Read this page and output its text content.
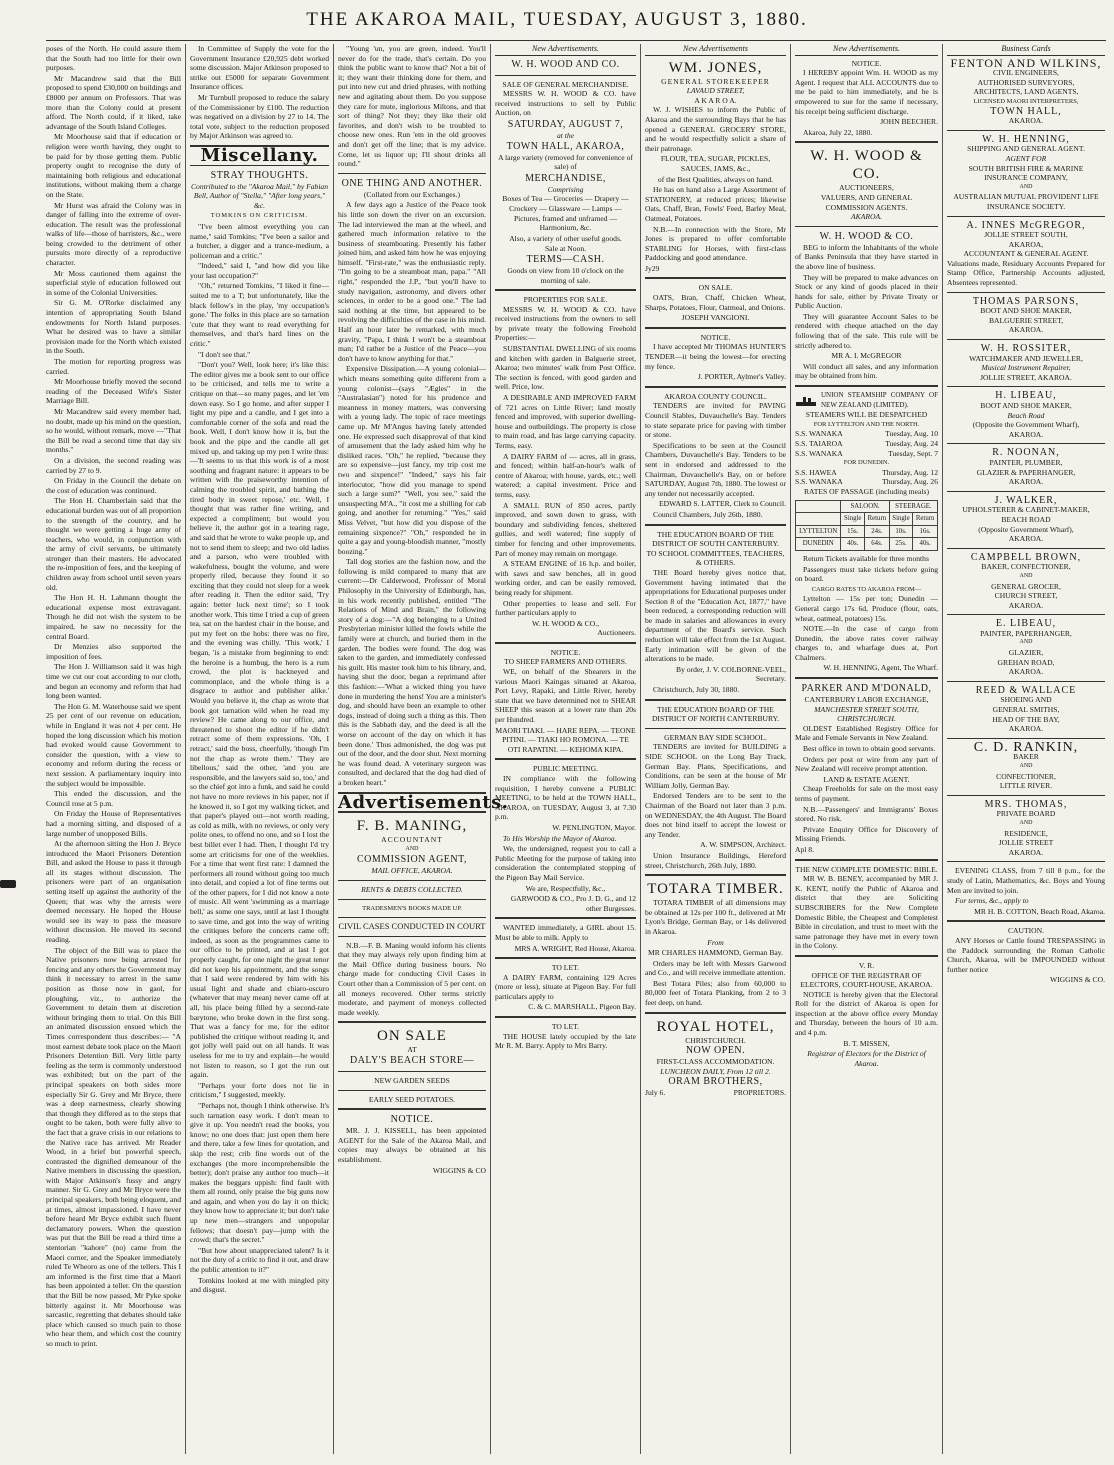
THE AKAROA MAIL, TUESDAY, AUGUST 3, 1880.

poses of the North. He could assure them that the South had too little for their own purposes.

Mr Macandrew said that the Bill proposed to spend £30,000 on buildings and £8000 per annum on Professors. That was more than the Colony could at present afford. The North could, if it liked, take advantage of the South Island Colleges.

Mr Moorhouse said that if education or religion were worth having, they ought to be paid for by those getting them. Public property ought to recognise the duty of maintaining both religious and educational institutions, without making them a charge on the State.

Mr Hurst was afraid the Colony was in danger of falling into the extreme of over-education. The result was the professional walks of life—those of barristers, &c., were being crowded to the detriment of other pursuits more directly of a reproductive character.

Mr Moss cautioned them against the superficial style of education followed out in some of the Colonial Universities.

Sir G. M. O'Rorke disclaimed any intention of appropriating South Island endowments for North Island purposes. What he desired was to have a similar provision made for the North which existed in the South.

The motion for reporting progress was carried.

Mr Moorhouse briefly moved the second reading of the Deceased Wife's Sister Marriage Bill.

Mr Macandrew said every member had, no doubt, made up his mind on the question, so he would, without remark, move —"That the Bill be read a second time that day six months."

On a division, the second reading was carried by 27 to 9.

On Friday in the Council the debate on the cost of education was continued.

The Hon H. Chamberlain said that the educational burden was out of all proportion to the strength of the country, and he thought we were getting a huge army of teachers, who would, in conjunction with the army of civil servants, be ultimately stronger than their masters. He advocated the re-imposition of fees, and the keeping of children away from school until seven years old.

The Hon H. H. Lahmann thought the educational expense most extravagant. Though he did not wish the system to be impaired, he saw no necessity for the central Board.

Dr Menzies also supported the imposition of fees.

The Hon J. Williamson said it was high time we cut our coat according to our cloth, and begun an economy and reform that had long been wanted.

The Hon G. M. Waterhouse said we spent 25 per cent of our revenue on education, while in England it was not 4 per cent. He hoped the long discussion which his motion had evoked would cause Government to consider the question, with a view to economy and reform during the recess or next session. A parliamentary inquiry into the subject would be impossible.

This ended the discussion, and the Council rose at 5 p.m.

On Friday the House of Representatives had a morning sitting, and disposed of a large number of unopposed Bills.

At the afternoon sitting the Hon J. Bryce introduced the Maori Prisoners Detention Bill, and asked the House to pass it through all its stages without discussion. The prisoners were part of an organisation setting itself up against the authority of the Queen; that was why the arrests were deemed necessary. He hoped the House would see its way to pass the measure without discussion. He moved its second reading.

The object of the Bill was to place the Native prisoners now being arrested for fencing and any others the Government may think it necessary to arrest in the same position as those now in gaol, for ploughing, viz., to authorize the Government to detain them at discretion without bringing them to trial. On this Bill an animated discussion ensued which the Times correspondent thus describes:— "A most earnest debate took place on the Maori Prisoners Detention Bill. Very little party feeling as the term is commonly understood was exhibited; but on the part of the principal speakers on both sides more especially Sir G. Grey and Mr Bryce, there was a deep earnestness, clearly showing that though they differed as to the steps that ought to be taken, both were fully alive to the fact that a grave crisis in our relations to the Native race has arrived. Mr Reader Wood, in a brief but powerful speech, contrasted the dignified demeanour of the Native members in discussing the question, with Major Atkinson's fussy and angry manner. Sir G. Grey and Mr Bryce were the principal speakers, both being eloquent, and at times, almost impassioned. I have never before heard Mr Bryce exhibit such fluent declamatory powers. When the question was put that the Bill be read a third time a stentorian "kahore" (no) came from the Maori corner, and the Speaker immediately ruled Te Wheoro as one of the tellers. This I am informed is the first time that a Maori has been appointed a teller. On the question that the Bill be now passed, Mr Pyke spoke bitterly against it. Mr Moorhouse was sarcastic, regretting that debates should take place which caused so much pain to those who hear them, and which cost the country so much to print.

In Committee of Supply the vote for the Government Insurance £20,925 debt worked some discussion. Major Atkinson proposed to strike out £5000 for separate Government Insurance offices.

Mr Turnbull proposed to reduce the salary of the Commissioner by £100. The reduction was negatived on a division by 27 to 14. The total vote, subject to the reduction proposed by Major Atkinson was agreed to.

Miscellany.
STRAY THOUGHTS.

Contributed to the "Akaroa Mail," by Fabian Bell, Author of "Stella," "After long years," &c.

TOMKINS ON CRITICISM.

"I've been almost everything you can name," said Tomkins; "I've been a sailor and a butcher, a digger and a trance-medium, a policeman and a critic."

"Indeed," said I, "and how did you like your last occupation?"

"Oh," returned Tomkins, "I liked it fine—suited me to a T; but unfortunately, like the black fellow's in the play, 'my occupation's gone.' The folks in this place are so tarnation 'cute that they want to read everything for themselves, and that's hard lines on the critic."

"I don't see that."

"Don't you? Well, look here; it's like this: The editor gives me a book sent to our office to be criticised, and tells me to write a critique on that—so many pages, and let 'em down easy. So I go home, and after supper I light my pipe and a candle, and I get into a comfortable corner of the sofa and read the book. Well, I don't know how it is, but the book and the pipe and the candle all get mixed up, and taking up my pen I write thus:—'It seems to us that this work is of a most soothing and fragrant nature: it appears to be written with the praiseworthy intention of calming the troubled spirit, and bathing the tired body in sweet repose,' etc. Well, I thought that was rather fine writing, and expected a compliment; but would you believe it, the author got in a tearing rage, and said that he wrote to wake people up, and not to send them to sleep; and two old ladies and a parson, who were troubled with wakefulness, bought the volume, and were properly riled, because they found it so exciting that they could not sleep for a week after reading it. Then the editor said, 'Try again: better luck next time'; so I took another work. This time I tried a cup of green tea, sat on the hardest chair in the house, and put my feet on the hobs: there was no fire, and the evening was chilly. 'This work,' I began, 'is a mistake from beginning to end: the heroine is a humbug, the hero is a rum crowd, the plot is hackneyed and commonplace, and the whole thing is a disgrace to author and publisher alike.' Would you believe it, the chap as wrote that book got tarnation wild when he read my review? He came along to our office, and threatened to shoot the editor if he didn't retract some of them expressions. 'Oh, I retract,' said the boss, cheerfully, 'though I'm not the chap as wrote them.' 'They are libellous,' said the other, 'and you are responsible, and the lawyers said so, too,' and so the chief got into a funk, and said he could not have no more reviews in his paper, not if he knowed it, so I got my walking ticket, and that paper's played out—not worth reading, as cold as milk, with no reviews, or only very polite ones, to offend no one, and so I lost the best billet ever I had. Then, I thought I'd try some art criticisms for one of the weeklies. For a time that went first rate: I damned the performers all round without going too much into detail, and copied a lot of fine terms out of the other papers, for I did not know a note of music. All went 'swimming as a marriage bell,' as some one says, until at last I thought to save time, and got into the way of writing the critiques before the concerts came off; indeed, as soon as the programmes came to our office to be printed, and at last I got properly caught, for one night the great tenor did not keep his appointment, and the songs that I said were rendered by him with his usual light and shade and chiaro-oscuro (whatever that may mean) never came off at all, his place being filled by a second-rate barytone, who broke down in the first song. That was a fancy for me, for the editor published the critique without reading it, and got jolly well paid out on all hands. It was useless for me to try and explain—he would not listen to reason, so I got the run out again.

"Perhaps your forte does not lie in criticism," I suggested, meekly.

"Perhaps not, though I think otherwise. It's such tarnation easy work. I don't mean to give it up. You needn't read the books, you know; no one does that: just open them here and there, take a few lines for quotation, and skip the rest; crib fine words out of the exchanges (the more incomprehensible the better); don't praise any author too much—it makes the beggars uppish: find fault with them all round, only praise the big guns now and again, and when you do lay it on thick; they know how to appreciate it; but don't take up new men—strangers and unpopular fellows; that doesn't pay—jump with the crowd; that's the secret."

"But how about unappreciated talent? Is it not the duty of a critic to find it out, and draw the public attention to it?"

Tomkins looked at me with mingled pity and disgust.

"Young 'un, you are green, indeed. You'll never do for the trade, that's certain. Do you think the public want to know that? Not a bit of it; they want their thinking done for them, and put into new cut and dried phrases, with nothing new and agitating about them. Do you suppose they care for mute, inglorious Miltons, and that sort of thing? Not they; they like their old favorites, and don't wish to be troubled to choose new ones. Run 'em in the old grooves and don't get off the line; that is my advice. Come, let us liquor up; I'll shout drinks all round."

ONE THING AND ANOTHER.

(Collated from our Exchanges.)

A few days ago a Justice of the Peace took his little son down the river on an excursion. The lad interviewed the man at the wheel, and gathered much information relative to the business of steamboating. Presently his father joined him, and asked him how he was enjoying himself. "First-rate," was the enthusiastic reply. "I'm going to be a steamboat man, papa." "All right," responded the J.P., "but you'll have to study navigation, astronomy, and divers other sciences, in order to be a good one." The lad said nothing at the time, but appeared to be revolving the difficulties of the case in his mind. Half an hour later he remarked, with much gravity, "Papa, I think I won't be a steamboat man; I'd rather be a Justice of the Peace—you don't have to know anything for that."

Expensive Dissipation.—A young colonial—which means something quite different from a young colonist—(says "Ægles" in the "Australasian") noted for his prudence and meanness in money matters, was conversing with a young lady. The topic of race meetings came up. Mr M'Angus having lately attended one. He expressed such disapproval of that kind of amusement that the lady asked him why he disliked races. "Oh," he replied, "because they are so expensive—just fancy, my trip cost me two and sixpence!" "Indeed," says his fair interlocutor, "how did you manage to spend such a large sum?" "Well, you see," said the unsuspecting M'A., "it cost me a shilling for cab going, and another for returning." "Yes," said Miss Velvet, "but how did you dispose of the remaining sixpence?" "Oh," responded he in quite a gay and young-bloodish manner, "mostly boozing."

Tall dog stories are the fashion now, and the following is mild compared to many that are current:—Dr Calderwood, Professor of Moral Philosophy in the University of Edinburgh, has, in his work recently published, entitled "The Relations of Mind and Brain," the following story of a dog:—"A dog belonging to a United Presbyterian minister killed the fowls while the family were at church, and buried them in the garden. The bodies were found. The dog was taken to the garden, and immediately confessed his guilt. His master took him to his library, and, having shut the door, began a reprimand after this fashion:—'What a wicked thing you have done in murdering the hens! You are a minister's dog, and should have been an example to other dogs, instead of doing such a thing as this. Then this is the Sabbath day, and the deed is all the worse on account of the day on which it has been done.' Thus admonished, the dog was put out of the door, and the door shut. Next morning he was found dead. A veterinary surgeon was consulted, and declared that the dog had died of a broken heart."

Advertisements.
F. B. MANING,
ACCOUNTANT
AND
COMMISSION AGENT,
MAIL OFFICE, AKAROA.
RENTS & DEBTS COLLECTED.
TRADESMEN'S BOOKS MADE UP.
CIVIL CASES CONDUCTED IN COURT

N.B.—F. B. Maning would inform his clients that they may always rely upon finding him at the Mail Office during business hours. No charge made for conducting Civil Cases in Court other than a Commission of 5 per cent. on all moneys recovered. Other terms strictly moderate, and payment of moneys collected made weekly.

ON SALE
AT
DALY'S BEACH STORE—
NEW GARDEN SEEDS
EARLY SEED POTATOES.
NOTICE.

MR. J. J. KISSELL, has been appointed AGENT for the Sale of the Akaroa Mail, and copies may always be obtained at his establishment.

WIGGINS & CO

New Advertisements.
W. H. WOOD AND CO.
SALE OF GENERAL MERCHANDISE.

MESSRS W. H. WOOD & CO. have received instructions to sell by Public Auction, on

SATURDAY, AUGUST 7,
at the
TOWN HALL, AKAROA,

A large variety (removed for convenience of sale) of

MERCHANDISE,
Comprising

Boxes of Tea — Groceries — Drapery — Crockery — Glassware — Lamps — Pictures, framed and unframed — Harmonium, &c.

Also, a variety of other useful goods.

Sale at Noon.
TERMS—CASH.

Goods on view from 10 o'clock on the morning of sale.

PROPERTIES FOR SALE.

MESSRS W. H. WOOD & CO. have received instructions from the owners to sell by private treaty the following Freehold Properties:—

SUBSTANTIAL DWELLING of six rooms and kitchen with garden in Balguerie street, Akaroa; two minutes' walk from Post Office. The section is fenced, with good garden and well. Price, low.

A DESIRABLE AND IMPROVED FARM of 721 acres on Little River; land mostly fenced and improved, with superior dwelling-house and outbuildings. The property is close to main road, and has large carrying capacity. Terms, easy.

A DAIRY FARM of — acres, all in grass, and fenced; within half-an-hour's walk of centre of Akaroa; with house, yards, etc.; well watered; a capital investment. Price and terms, easy.

A SMALL RUN of 850 acres, partly improved, and sown down to grass, with boundary and subdividing fences, sheltered gullies, and well watered; fine supply of timber for fencing and other improvements. Part of money may remain on mortgage.

A STEAM ENGINE of 16 h.p. and boiler, with saws and saw benches, all in good working order, and can be easily removed, being ready for shipment.

Other properties to lease and sell. For further particulars apply to

W. H. WOOD & CO.,
Auctioneers.
NOTICE.
TO SHEEP FARMERS AND OTHERS.

WE, on behalf of the Shearers in the various Maori Kaingas situated at Akaroa, Port Levy, Rapaki, and Little River, hereby state that we have determined not to SHEAR SHEEP this season at a lower rate than 20s per Hundred.

MAORI TIAKI. — HARE REPA. — TEONE PITINI. — TIAKI HO ROMONA. — TE OTI RAPATINI. — KEHOMA KIPA.

PUBLIC MEETING.

IN compliance with the following requisition, I hereby convene a PUBLIC MEETING, to be held at the TOWN HALL, AKAROA, on TUESDAY, August 3, at 7.30 p.m.

W. PENLINGTON, Mayor.

To His Worship the Mayor of Akaroa.

We, the undersigned, request you to call a Public Meeting for the purpose of taking into consideration the contemplated stopping of the Pigeon Bay Mail Service.

We are, Respectfully, &c.,

GARWOOD & CO., Pro J. D. G., and 12 other Burgesses.

WANTED immediately, a GIRL about 15. Must be able to milk. Apply to

MRS A. WRIGHT, Red House, Akaroa.

TO LET.

A DAIRY FARM, containing 129 Acres (more or less), situate at Pigeon Bay. For full particulars apply to

C. & C. MARSHALL, Pigeon Bay.

TO LET.

THE HOUSE lately occupied by the late Mr R. M. Barry. Apply to Mrs Barry.

New Advertisements
WM. JONES,
GENERAL STOREKEEPER
LAVAUD STREET,
A K A R O A.

W. J. WISHES to inform the Public of Akaroa and the surrounding Bays that he has opened a GENERAL GROCERY STORE, and he would respectfully solicit a share of their patronage.

FLOUR, TEA, SUGAR, PICKLES, SAUCES, JAMS, &c.,

of the Best Qualities, always on hand.

He has on hand also a Large Assortment of STATIONERY, at reduced prices; likewise Oats, Chaff, Bran, Fowls' Feed, Barley Meal, Oatmeal, Potatoes.

N.B.—In connection with the Store, Mr Jones is prepared to offer comfortable STABLING for Horses, with first-class Paddocking and good attendance.

Jy29

ON SALE.

OATS, Bran, Chaff, Chicken Wheat, Sharps, Potatoes, Flour, Oatmeal, and Onions.

JOSEPH VANGIONI.

NOTICE.

I have accepted Mr THOMAS HUNTER'S TENDER—it being the lowest—for erecting my fence.

J. PORTER, Aylmer's Valley.

AKAROA COUNTY COUNCIL.

TENDERS are invited for PAVING Council Stables, Duvauchelle's Bay. Tenders to state separate price for paving with timber or stone.

Specifications to be seen at the Council Chambers, Duvauchelle's Bay. Tenders to be sent in endorsed and addressed to the Chairman, Duvauchelle's Bay, on or before SATURDAY, August 7th, 1880. The lowest or any tender not necessarily accepted.

EDWARD S. LATTER, Clerk to Council.

Council Chambers, July 26th, 1880.

THE EDUCATION BOARD OF THE DISTRICT OF SOUTH CANTERBURY.
TO SCHOOL COMMITTEES, TEACHERS, & OTHERS.

THE Board hereby gives notice that, Government having intimated that the appropriations for Educational purposes under Section 8 of the "Education Act, 1877," have been reduced, a corresponding reduction will be made in salaries and allowances in every department of the Board's service. Such reduction will take effect from the 1st August. Early intimation will be given of the alterations to be made.

By order, J. V. COLBORNE-VEEL, Secretary.

Christchurch, July 30, 1880.

THE EDUCATION BOARD OF THE DISTRICT OF NORTH CANTERBURY.
GERMAN BAY SIDE SCHOOL.

TENDERS are invited for BUILDING a SIDE SCHOOL on the Long Bay Track, German Bay. Plans, Specifications, and Conditions, can be seen at the house of Mr William Jolly, German Bay.

Endorsed Tenders are to be sent to the Chairman of the Board not later than 3 p.m. on WEDNESDAY, the 4th August. The Board does not bind itself to accept the lowest or any Tender.

A. W. SIMPSON, Architect.

Union Insurance Buildings, Hereford street, Christchurch, 26th July, 1880.

TOTARA TIMBER.

TOTARA TIMBER of all dimensions may be obtained at 12s per 100 ft., delivered at Mr Lyon's Bridge, German Bay, or 14s delivered in Akaroa.

From

MR CHARLES HAMMOND, German Bay.

Orders may be left with Messrs Garwood and Co., and will receive immediate attention.

Best Totara Piles; also from 60,000 to 80,000 feet of Totara Planking, from 2 to 3 feet deep, on hand.

ROYAL HOTEL,
CHRISTCHURCH.
NOW OPEN.
FIRST-CLASS ACCOMMODATION.
LUNCHEON DAILY, From 12 till 2.
ORAM BROTHERS,
July 6.	PROPRIETORS.
New Advertisements.
NOTICE.

I HEREBY appoint Wm. H. WOOD as my Agent. I request that ALL ACCOUNTS due to me be paid to him immediately, and he is empowered to sue for the same if necessary, his receipt being sufficient discharge.

JOHN BEECHER.

Akaroa, July 22, 1880.

W. H. WOOD & CO.
AUCTIONEERS,
VALUERS, AND GENERAL
COMMISSION AGENTS.
AKAROA.
W. H. WOOD & CO.

BEG to inform the Inhabitants of the whole of Banks Peninsula that they have started in the above line of business.

They will be prepared to make advances on Stock or any kind of goods placed in their hands for sale, either by Private Treaty or Public Auction.

They will guarantee Account Sales to be rendered with cheque attached on the day following that of the sale. This rule will be strictly adhered to.

MR A. I. McGREGOR

Will conduct all sales, and any information may be obtained from him.

UNION STEAMSHIP COMPANY OF NEW ZEALAND (LIMITED).
STEAMERS WILL BE DESPATCHED
FOR LYTTELTON AND THE NORTH.
S.S. WANAKA	Tuesday, Aug. 10
S.S. TAIAROA	Tuesday, Aug. 24
S.S. WANAKA	Tuesday, Sept. 7
FOR DUNEDIN.
S.S. HAWEA	Thursday, Aug. 12
S.S. WANAKA	Thursday, Aug. 26
RATES OF PASSAGE (including meals)
	SALOON.		STEERAGE.	
	Single	Return	Single	Return
LYTTELTON	15s.	24s.	10s.	16s.
DUNEDIN	40s.	64s.	25s.	40s.

Return Tickets available for three months

Passengers must take tickets before going on board.

CARGO RATES TO AKAROA FROM—

Lyttelton — 15s per ton; Dunedin — General cargo 17s 6d, Produce (flour, oats, wheat, oatmeal, potatoes) 15s.

NOTE.—In the case of cargo from Dunedin, the above rates cover railway charges to, and wharfage dues at, Port Chalmers.

W. H. HENNING, Agent, The Wharf.

PARKER AND M'DONALD,
CANTERBURY LABOR EXCHANGE,
MANCHESTER STREET SOUTH, CHRISTCHURCH.

OLDEST Established Registry Office for Male and Female Servants in New Zealand.

Best office in town to obtain good servants.

Orders per post or wire from any part of New Zealand will receive prompt attention.

LAND & ESTATE AGENT.

Cheap Freeholds for sale on the most easy terms of payment.

N.B.—Passengers' and Immigrants' Boxes stored. No risk.

Private Enquiry Office for Discovery of Missing Friends.

Apl 8.

THE NEW COMPLETE DOMESTIC BIBLE.

MR W. B. BENEY, accompanied by MR J. K. KENT, notify the Public of Akaroa and district that they are Soliciting SUBSCRIBERS for the New Complete Domestic Bible, the Cheapest and Completest Bible in circulation, and trust to meet with the same patronage they have met in every town in the Colony.

V. R.
OFFICE OF THE REGISTRAR OF ELECTORS, COURT-HOUSE, AKAROA.

NOTICE is hereby given that the Electoral Roll for the district of Akaroa is open for inspection at the above office every Monday and Thursday, between the hours of 10 a.m. and 4 p.m.

B. T. MISSEN,

Registrar of Electors for the District of Akaroa.

Business Cards
FENTON AND WILKINS,
CIVIL ENGINEERS,
AUTHORISED SURVEYORS,
ARCHITECTS, LAND AGENTS,
LICENSED MAORI INTERPRETERS,
TOWN HALL,
AKAROA.
W. H. HENNING,
SHIPPING AND GENERAL AGENT.
AGENT FOR
SOUTH BRITISH FIRE & MARINE INSURANCE COMPANY,
AND
AUSTRALIAN MUTUAL PROVIDENT LIFE INSURANCE SOCIETY.
A. INNES McGREGOR,
JOLLIE STREET SOUTH,
AKAROA,
ACCOUNTANT & GENERAL AGENT.
Valuations made, Residuary Accounts Prepared for Stamp Office, Partnership Accounts adjusted, Absentees represented.
THOMAS PARSONS,
BOOT AND SHOE MAKER,
BALGUERIE STREET,
AKAROA.
W. H. ROSSITER,
WATCHMAKER AND JEWELLER,
Musical Instrument Repairer,
JOLLIE STREET, AKAROA.
H. LIBEAU,
BOOT AND SHOE MAKER,
Beach Road
(Opposite the Government Wharf),
AKAROA.
R. NOONAN,
PAINTER, PLUMBER,
GLAZIER & PAPERHANGER,
AKAROA.
J. WALKER,
UPHOLSTERER & CABINET-MAKER,
BEACH ROAD
(Opposite Government Wharf),
AKAROA.
CAMPBELL BROWN,
BAKER, CONFECTIONER,
AND
GENERAL GROCER,
CHURCH STREET,
AKAROA.
E. LIBEAU,
PAINTER, PAPERHANGER,
AND
GLAZIER,
GREHAN ROAD,
AKAROA.
REED & WALLACE
SHOEING AND
GENERAL SMITHS,
HEAD OF THE BAY,
AKAROA.
C. D. RANKIN,
BAKER
AND
CONFECTIONER,
LITTLE RIVER.
MRS. THOMAS,
PRIVATE BOARD
AND
RESIDENCE,
JOLLIE STREET
AKAROA.

EVENING CLASS, from 7 till 8 p.m., for the study of Latin, Mathematics, &c. Boys and Young Men are invited to join.

For terms, &c., apply to

MR H. B. COTTON, Beach Road, Akaroa.

CAUTION.

ANY Horses or Cattle found TRESPASSING in the Paddock surrounding the Roman Catholic Church, Akaroa, will be IMPOUNDED without further notice

WIGGINS & CO.
